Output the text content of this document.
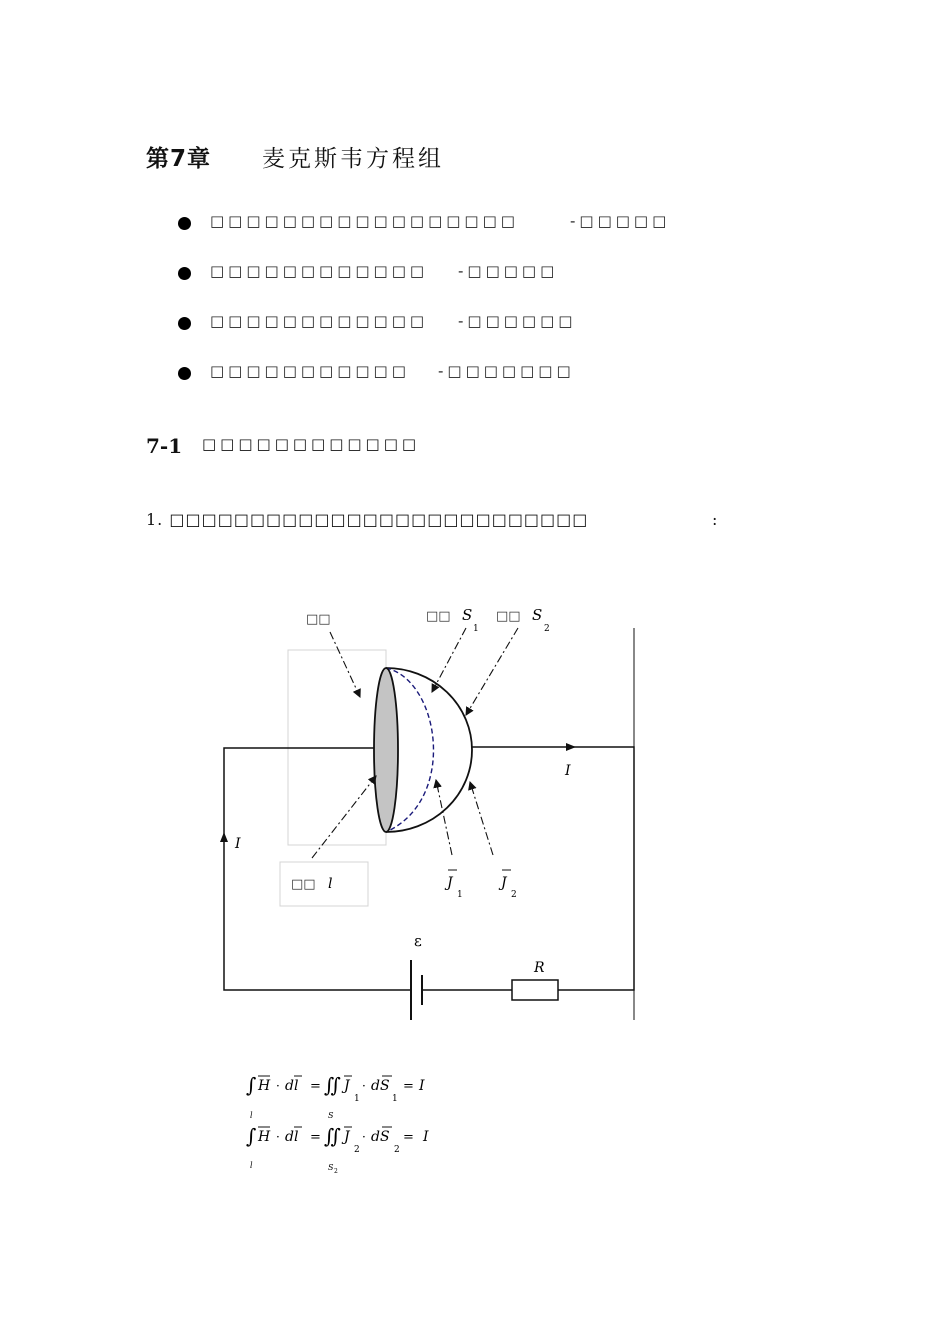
第7章 麦克斯韦方程组
□□□□□□□□□□□□□□□□□	-□□□□□
□□□□□□□□□□□□ -□□□□□
□□□□□□□□□□□□ -□□□□□□
□□□□□□□□□□□ -□□□□□□□
7-1 □□□□□□□□□□□□
1. □□□□□□□□□□□□□□□□□□□□□□□□□□	:
□□	□□ S
1
□□ S
2
□□ l
I
I
J
1
J
2
ε
R
∫ H · dl = ∬ J
1
· dS
1
= I
l	S
∫ H · dl = ∬ J
2
· dS
2
= I
l	S 2
